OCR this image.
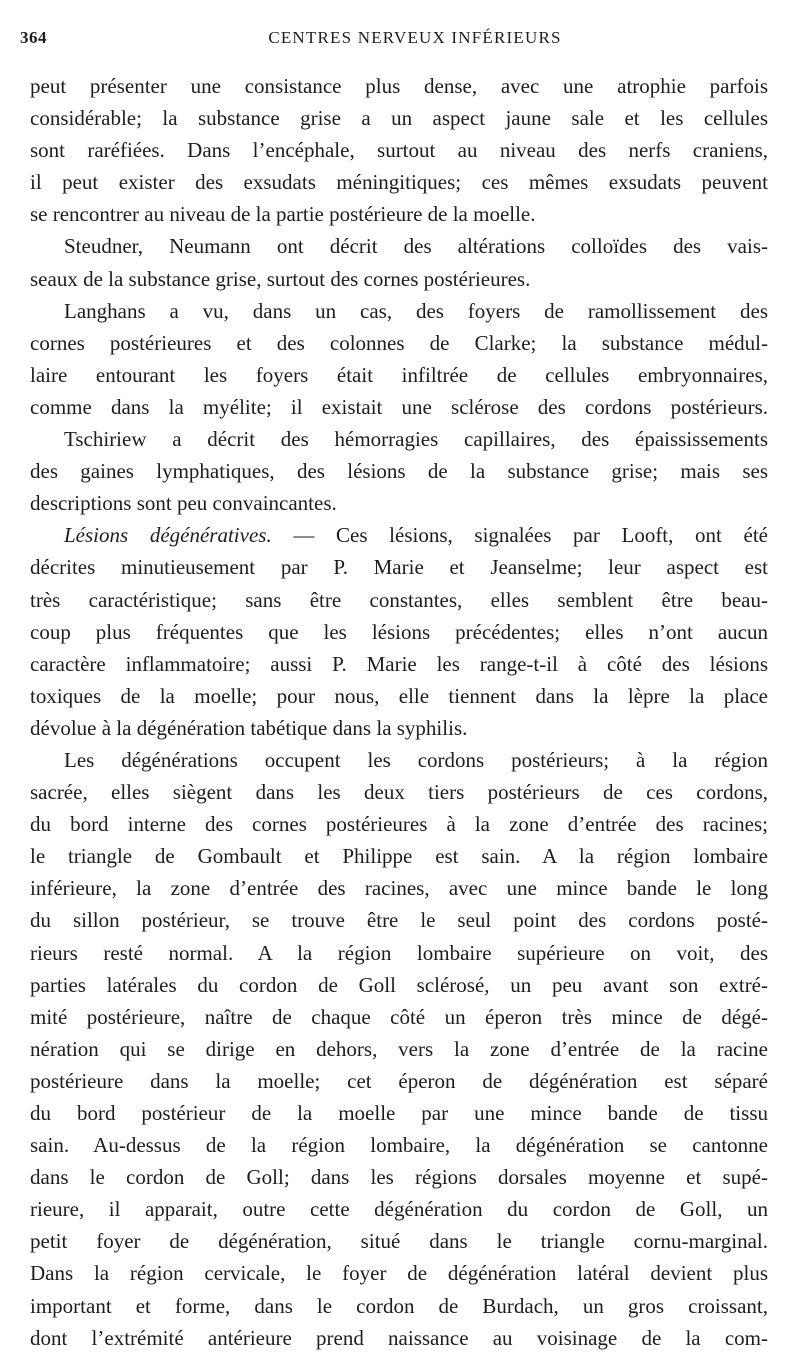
364	CENTRES NERVEUX INFÉRIEURS
peut présenter une consistance plus dense, avec une atrophie parfois
considérable; la substance grise a un aspect jaune sale et les cellules
sont raréfiées. Dans l’encéphale, surtout au niveau des nerfs craniens,
il peut exister des exsudats méningitiques; ces mêmes exsudats peuvent
se rencontrer au niveau de la partie postérieure de la moelle.
Steudner, Neumann ont décrit des altérations colloïdes des vais-
seaux de la substance grise, surtout des cornes postérieures.
Langhans a vu, dans un cas, des foyers de ramollissement des
cornes postérieures et des colonnes de Clarke; la substance médul-
laire entourant les foyers était infiltrée de cellules embryonnaires,
comme dans la myélite; il existait une sclérose des cordons postérieurs.
Tschiriew a décrit des hémorragies capillaires, des épaississements
des gaines lymphatiques, des lésions de la substance grise; mais ses
descriptions sont peu convaincantes.
Lésions dégénératives. — Ces lésions, signalées par Looft, ont été
décrites minutieusement par P. Marie et Jeanselme; leur aspect est
très caractéristique; sans être constantes, elles semblent être beau-
coup plus fréquentes que les lésions précédentes; elles n’ont aucun
caractère inflammatoire; aussi P. Marie les range-t-il à côté des lésions
toxiques de la moelle; pour nous, elle tiennent dans la lèpre la place
dévolue à la dégénération tabétique dans la syphilis.
Les dégénérations occupent les cordons postérieurs; à la région
sacrée, elles siègent dans les deux tiers postérieurs de ces cordons,
du bord interne des cornes postérieures à la zone d’entrée des racines;
le triangle de Gombault et Philippe est sain. A la région lombaire
inférieure, la zone d’entrée des racines, avec une mince bande le long
du sillon postérieur, se trouve être le seul point des cordons posté-
rieurs resté normal. A la région lombaire supérieure on voit, des
parties latérales du cordon de Goll sclérosé, un peu avant son extré-
mité postérieure, naître de chaque côté un éperon très mince de dégé-
nération qui se dirige en dehors, vers la zone d’entrée de la racine
postérieure dans la moelle; cet éperon de dégénération est séparé
du bord postérieur de la moelle par une mince bande de tissu
sain. Au-dessus de la région lombaire, la dégénération se cantonne
dans le cordon de Goll; dans les régions dorsales moyenne et supé-
rieure, il apparait, outre cette dégénération du cordon de Goll, un
petit foyer de dégénération, situé dans le triangle cornu-marginal.
Dans la région cervicale, le foyer de dégénération latéral devient plus
important et forme, dans le cordon de Burdach, un gros croissant,
dont l’extrémité antérieure prend naissance au voisinage de la com-
